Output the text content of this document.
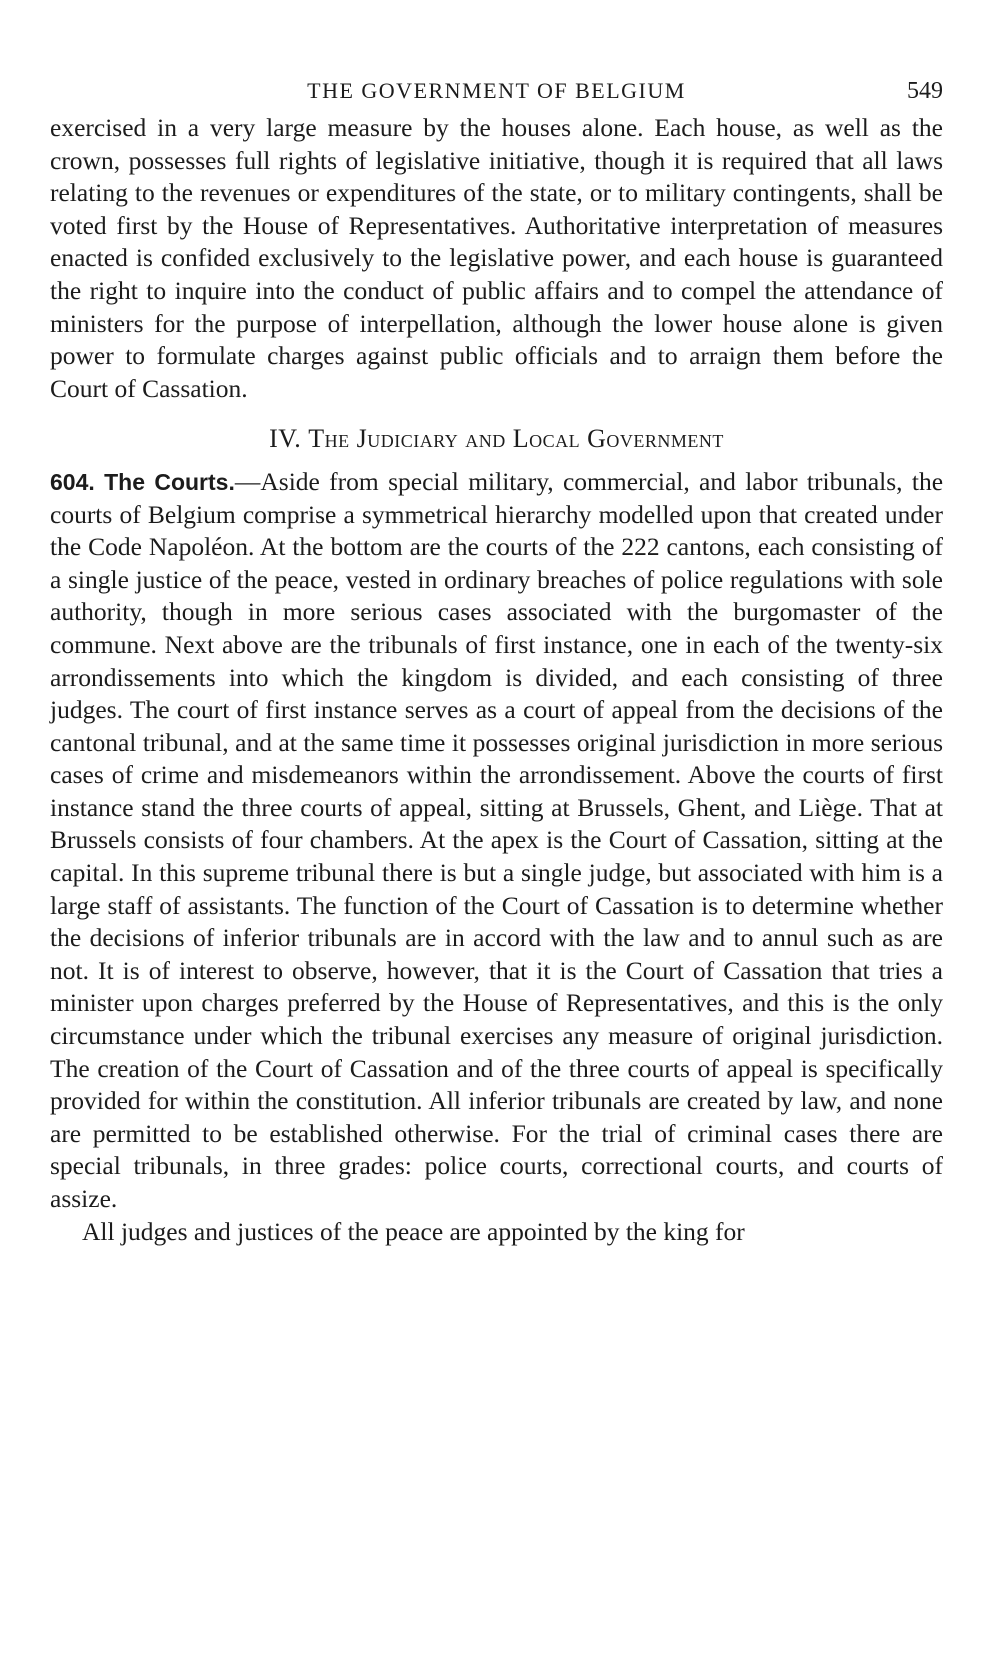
THE GOVERNMENT OF BELGIUM	549

exercised in a very large measure by the houses alone. Each house, as well as the crown, possesses full rights of legislative initiative, though it is required that all laws relating to the revenues or expenditures of the state, or to military contingents, shall be voted first by the House of Representatives. Authoritative interpretation of measures enacted is confided exclusively to the legislative power, and each house is guaranteed the right to inquire into the conduct of public affairs and to compel the attendance of ministers for the purpose of interpellation, although the lower house alone is given power to formulate charges against public officials and to arraign them before the Court of Cassation.

IV. The Judiciary and Local Government

604. The Courts.—Aside from special military, commercial, and labor tribunals, the courts of Belgium comprise a symmetrical hierarchy modelled upon that created under the Code Napoléon. At the bottom are the courts of the 222 cantons, each consisting of a single justice of the peace, vested in ordinary breaches of police regulations with sole authority, though in more serious cases associated with the burgomaster of the commune. Next above are the tribunals of first instance, one in each of the twenty-six arrondissements into which the kingdom is divided, and each consisting of three judges. The court of first instance serves as a court of appeal from the decisions of the cantonal tribunal, and at the same time it possesses original jurisdiction in more serious cases of crime and misdemeanors within the arrondissement. Above the courts of first instance stand the three courts of appeal, sitting at Brussels, Ghent, and Liège. That at Brussels consists of four chambers. At the apex is the Court of Cassation, sitting at the capital. In this supreme tribunal there is but a single judge, but associated with him is a large staff of assistants. The function of the Court of Cassation is to determine whether the decisions of inferior tribunals are in accord with the law and to annul such as are not. It is of interest to observe, however, that it is the Court of Cassation that tries a minister upon charges preferred by the House of Representatives, and this is the only circumstance under which the tribunal exercises any measure of original jurisdiction. The creation of the Court of Cassation and of the three courts of appeal is specifically provided for within the constitution. All inferior tribunals are created by law, and none are permitted to be established otherwise. For the trial of criminal cases there are special tribunals, in three grades: police courts, correctional courts, and courts of assize.

All judges and justices of the peace are appointed by the king for
